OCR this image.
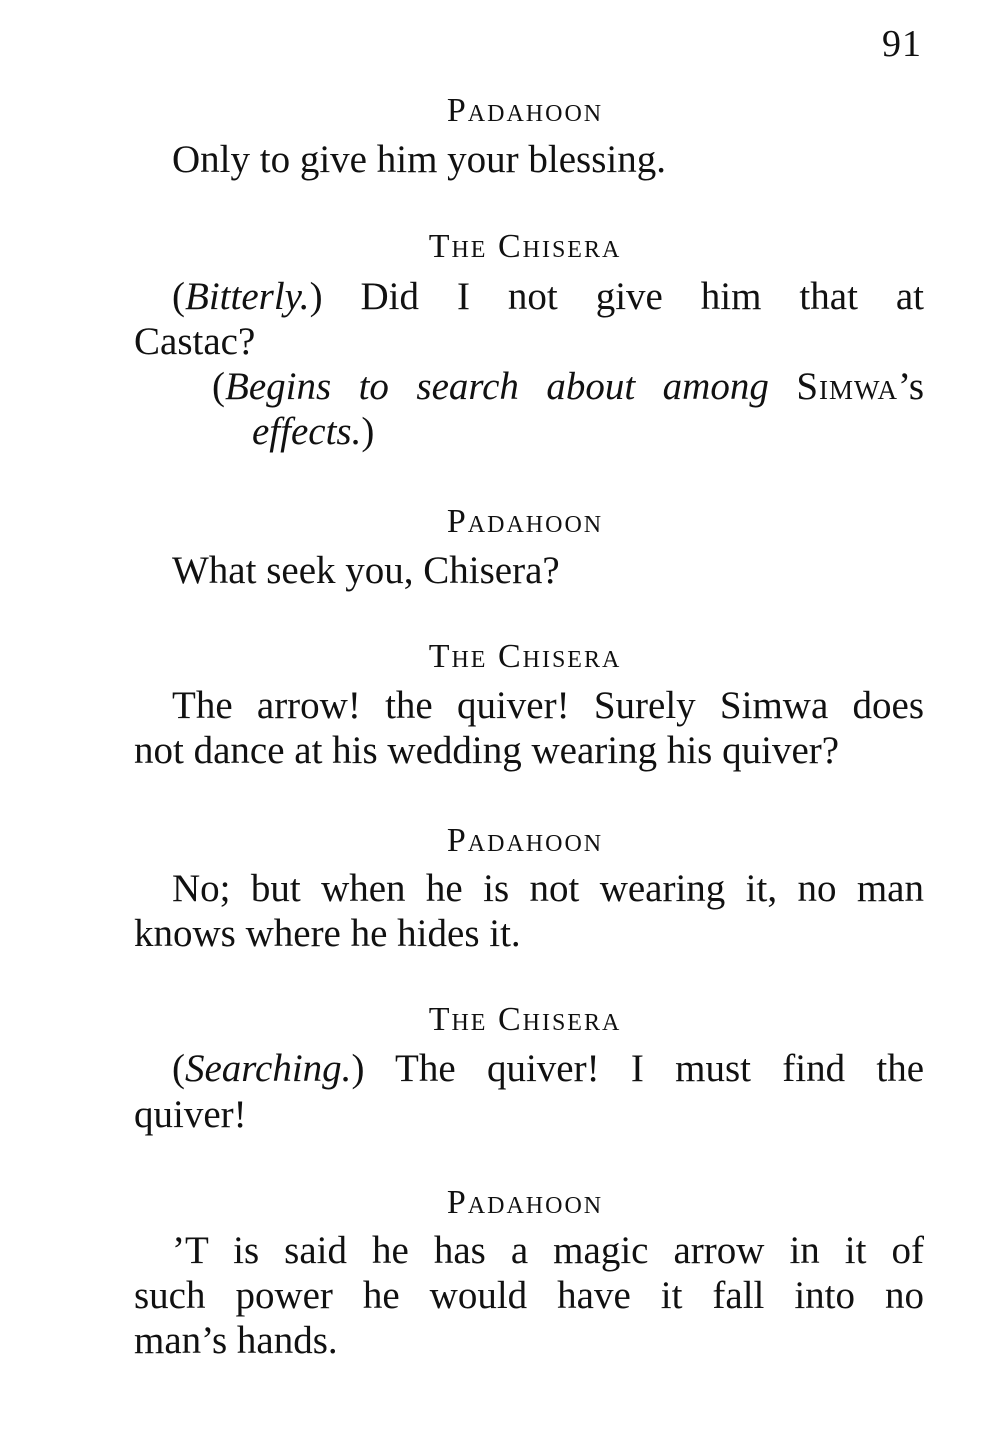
91
Padahoon
Only to give him your blessing.
The Chisera
(Bitterly.) Did I not give him that at
Castac?
(Begins to search about among Simwa’s
effects.)
Padahoon
What seek you, Chisera?
The Chisera
The arrow! the quiver! Surely Simwa does
not dance at his wedding wearing his quiver?
Padahoon
No; but when he is not wearing it, no man
knows where he hides it.
The Chisera
(Searching.) The quiver! I must find the
quiver!
Padahoon
’T is said he has a magic arrow in it of
such power he would have it fall into no
man’s hands.
